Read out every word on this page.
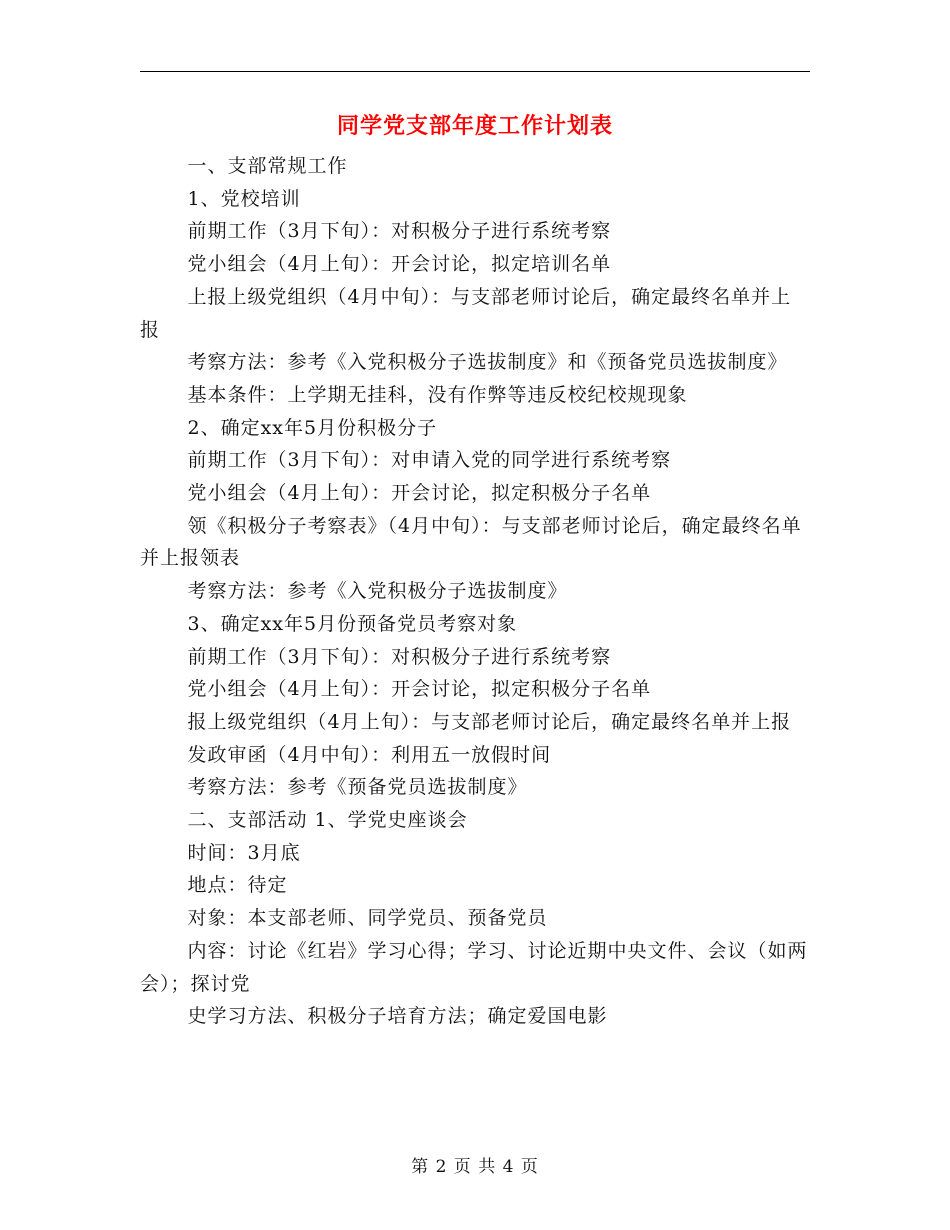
同学党支部年度工作计划表

一、支部常规工作

1、党校培训

前期工作（3月下旬）：对积极分子进行系统考察

党小组会（4月上旬）：开会讨论，拟定培训名单

上报上级党组织（4月中旬）：与支部老师讨论后，确定最终名单并上报

考察方法：参考《入党积极分子选拔制度》和《预备党员选拔制度》

基本条件：上学期无挂科，没有作弊等违反校纪校规现象

2、确定xx年5月份积极分子

前期工作（3月下旬）：对申请入党的同学进行系统考察

党小组会（4月上旬）：开会讨论，拟定积极分子名单

领《积极分子考察表》（4月中旬）：与支部老师讨论后，确定最终名单并上报领表

考察方法：参考《入党积极分子选拔制度》

3、确定xx年5月份预备党员考察对象

前期工作（3月下旬）：对积极分子进行系统考察

党小组会（4月上旬）：开会讨论，拟定积极分子名单

报上级党组织（4月上旬）：与支部老师讨论后，确定最终名单并上报

发政审函（4月中旬）：利用五一放假时间

考察方法：参考《预备党员选拔制度》

二、支部活动 1、学党史座谈会

时间：3月底

地点：待定

对象：本支部老师、同学党员、预备党员

内容：讨论《红岩》学习心得；学习、讨论近期中央文件、会议（如两会）；探讨党

史学习方法、积极分子培育方法；确定爱国电影

第 2 页 共 4 页
